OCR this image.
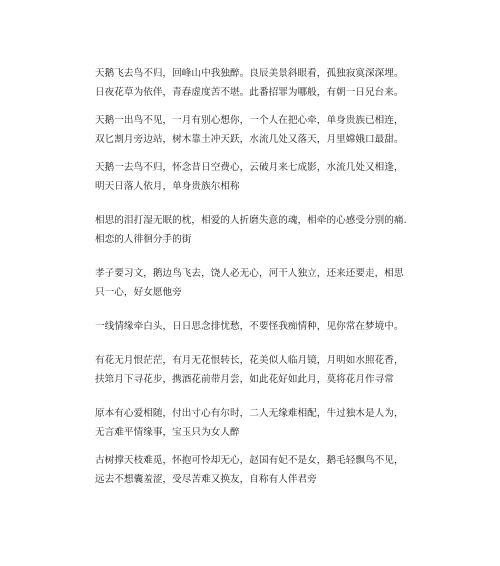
天鹅飞去鸟不归，回峰山中我独醉。良辰美景斜眼看，孤独寂寞深深埋。
日夜花草为依伴，青春虚度苦不堪。此番招罪为哪般，有朝一日兄台来。

天鹅一出鸟不见，一月有别心想你，一个人在把心牵，单身贵族已相连，
双匕割月旁边站，树木靠土冲天跃，水流几处又落天，月里嫦娥口最甜。

天鹅一去鸟不归，怀念昔日空费心，云破月来七成影，水流几处又相逢，
明天日落人依月，单身贵族尔相称

相思的泪打湿无眠的枕，相爱的人折磨失意的魂，相牵的心感受分别的痛.
相恋的人徘徊分手的街

孝子要习文，鹅边鸟飞去，饶人必无心，河干人独立，还来还要走，相思
只一心，好女愿他旁

一线情缘牵白头，日日思念排忧愁，不要怪我痴情种，见你常在梦境中。

有花无月恨茫茫，有月无花恨转长，花美似人临月镜，月明如水照花香，
扶筇月下寻花步，携酒花前带月尝，如此花好如此月，莫将花月作寻常

原本有心爱相随，付出寸心有尔时，二人无缘难相配，牛过独木是人为，
无言难平情缘事，宝玉只为女人醉

古树撑天枝难觅，怀抱可怜却无心，赵国有妃不是女，鹅毛轻飘鸟不见，
远去不想囊羞涩，受尽苦难又换友，自称有人伴君旁
